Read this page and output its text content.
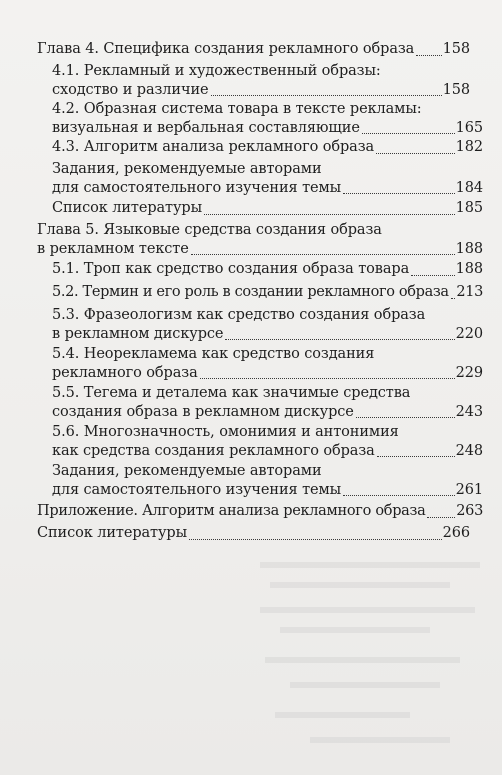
Глава 4. Специфика создания рекламного образа 158
4.1. Рекламный и художественный образы:
сходство и различие	158
4.2. Образная система товара в тексте рекламы:
визуальная и вербальная составляющие	165
4.3. Алгоритм анализа рекламного образа	182
Задания, рекомендуемые авторами
для самостоятельного изучения темы	184
Список литературы	185
Глава 5. Языковые средства создания образа
в рекламном тексте	188
5.1. Троп как средство создания образа товара	188
5.2. Термин и его роль в создании рекламного образа 213
5.3. Фразеологизм как средство создания образа
в рекламном дискурсе	220
5.4. Неорекламема как средство создания
рекламного образа	229
5.5. Тегема и деталема как значимые средства
создания образа в рекламном дискурсе	243
5.6. Многозначность, омонимия и антонимия
как средства создания рекламного образа	248
Задания, рекомендуемые авторами
для самостоятельного изучения темы	261
Приложение. Алгоритм анализа рекламного образа 263
Список литературы	266
